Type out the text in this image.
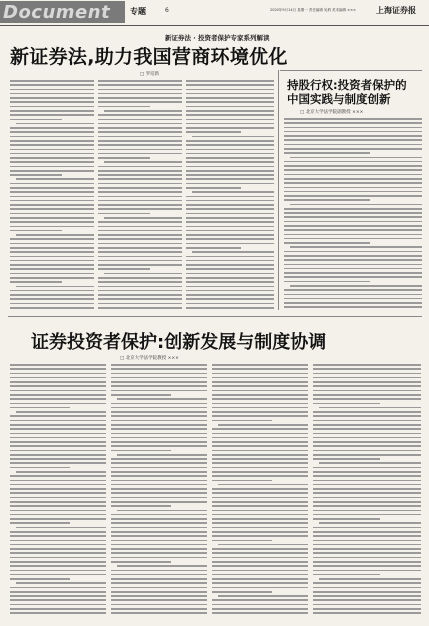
Document 专题	6	2020年9月14日 星期一 责任编辑 吴炳 美术编辑 ×××	上海证券报
新证券法 · 投资者保护专家系列解读
新证券法,助力我国营商环境优化
□ 罗培新
持股行权:投资者保护的中国实践与制度创新
□ 北京大学法学院副教授 ×××
证券投资者保护:创新发展与制度协调
□ 北京大学法学院教授 ×××
